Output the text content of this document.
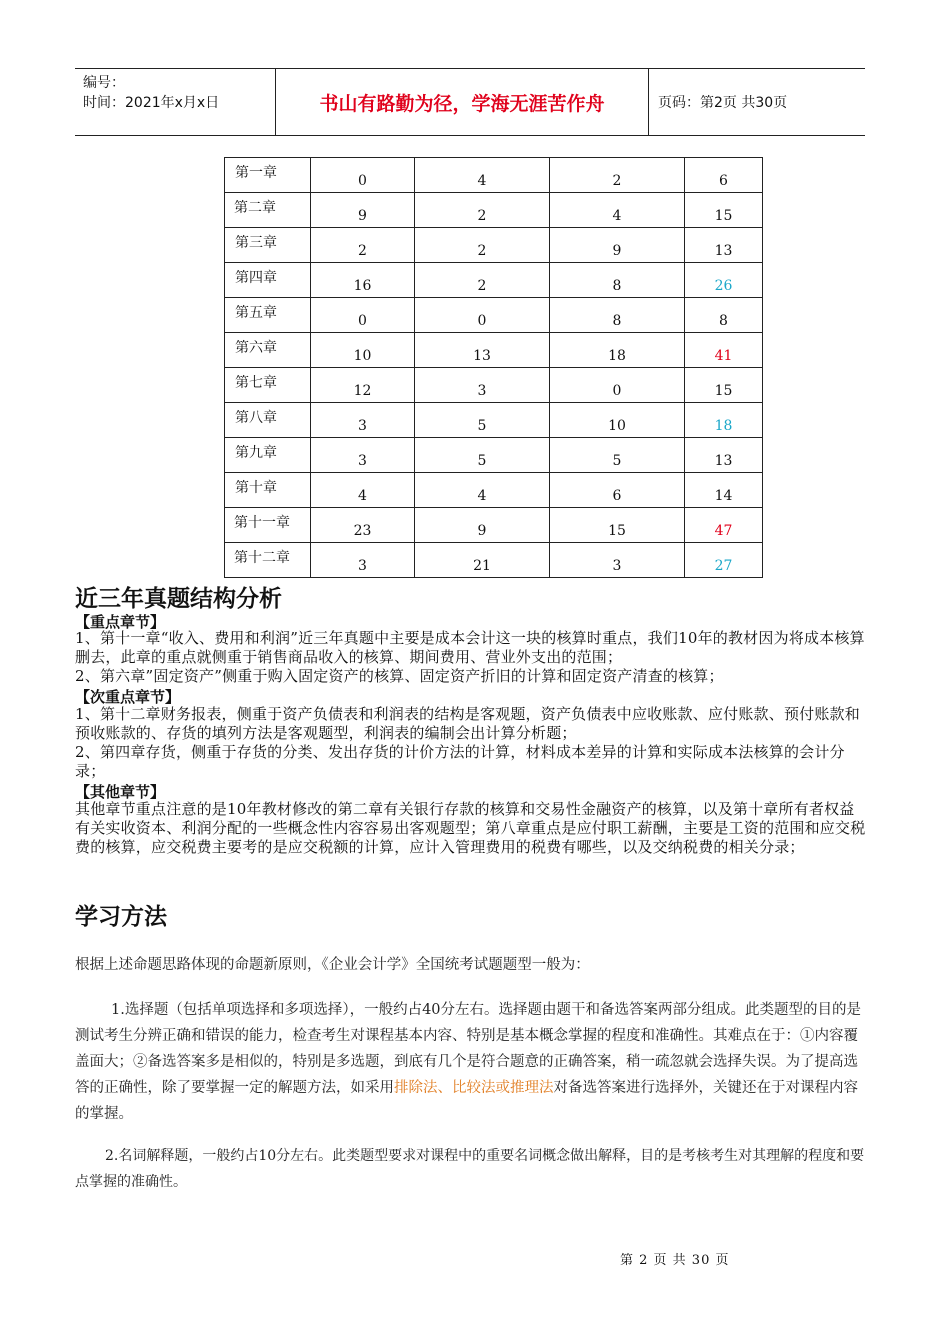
编号：
时间：2021年x月x日	书山有路勤为径，学海无涯苦作舟	页码：第2页 共30页
第一章	0	4	2	6
第二章	9	2	4	15
第三章	2	2	9	13
第四章	16	2	8	26
第五章	0	0	8	8
第六章	10	13	18	41
第七章	12	3	0	15
第八章	3	5	10	18
第九章	3	5	5	13
第十章	4	4	6	14
第十一章	23	9	15	47
第十二章	3	21	3	27
近三年真题结构分析
【重点章节】
1、第十一章“收入、费用和利润”近三年真题中主要是成本会计这一块的核算时重点，我们10年的教材因为将成本核算删去，此章的重点就侧重于销售商品收入的核算、期间费用、营业外支出的范围；
2、第六章”固定资产”侧重于购入固定资产的核算、固定资产折旧的计算和固定资产清查的核算；
【次重点章节】
1、第十二章财务报表，侧重于资产负债表和利润表的结构是客观题，资产负债表中应收账款、应付账款、预付账款和预收账款的、存货的填列方法是客观题型，利润表的编制会出计算分析题；
2、第四章存货，侧重于存货的分类、发出存货的计价方法的计算，材料成本差异的计算和实际成本法核算的会计分录；
【其他章节】
其他章节重点注意的是10年教材修改的第二章有关银行存款的核算和交易性金融资产的核算，以及第十章所有者权益有关实收资本、利润分配的一些概念性内容容易出客观题型；第八章重点是应付职工薪酬，主要是工资的范围和应交税费的核算，应交税费主要考的是应交税额的计算，应计入管理费用的税费有哪些，以及交纳税费的相关分录；
学习方法
根据上述命题思路体现的命题新原则，《企业会计学》全国统考试题题型一般为：
1.选择题（包括单项选择和多项选择），一般约占40分左右。选择题由题干和备选答案两部分组成。此类题型的目的是测试考生分辨正确和错误的能力，检查考生对课程基本内容、特别是基本概念掌握的程度和准确性。其难点在于：①内容覆盖面大；②备选答案多是相似的，特别是多选题，到底有几个是符合题意的正确答案，稍一疏忽就会选择失误。为了提高选答的正确性，除了要掌握一定的解题方法，如采用排除法、比较法或推理法对备选答案进行选择外，关键还在于对课程内容的掌握。
2.名词解释题，一般约占10分左右。此类题型要求对课程中的重要名词概念做出解释，目的是考核考生对其理解的程度和要点掌握的准确性。
第 2 页 共 30 页
